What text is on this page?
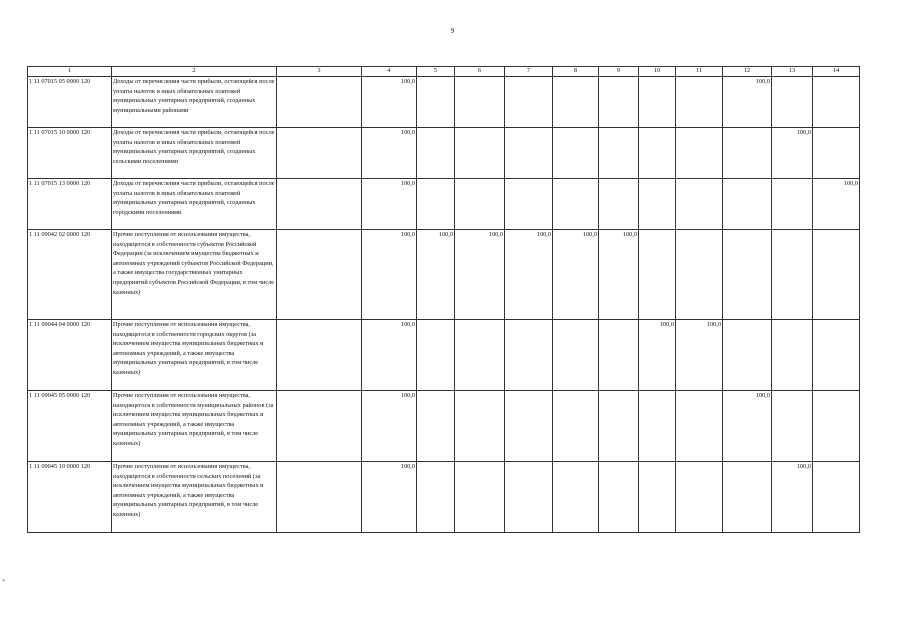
9
1	2	3	4	5	6	7	8	9	10	11	12	13	14
1 11 07015 05 0000 120	Доходы от перечисления части прибыли, остающейся после уплаты налогов и иных обязательных платежей муниципальных унитарных предприятий, созданных муниципальными районами		100,0								100,0		
1 11 07015 10 0000 120	Доходы от перечисления части прибыли, остающейся после уплаты налогов и иных обязательных платежей муниципальных унитарных предприятий, созданных сельскими поселениями		100,0									100,0	
1 11 07015 13 0000 120	Доходы от перечисления части прибыли, остающейся после уплаты налогов и иных обязательных платежей муниципальных унитарных предприятий, созданных городскими поселениями		100,0										100,0
1 11 09042 02 0000 120	Прочие поступления от использования имущества, находящегося в собственности субъектов Российской Федерации (за исключением имущества бюджетных и автономных учреждений субъектов Российской Федерации, а также имущества государственных унитарных предприятий субъектов Российской Федерации, в том числе казенных)		100,0	100,0	100,0	100,0	100,0	100,0					
1 11 09044 04 0000 120	Прочие поступления от использования имущества, находящегося в собственности городских округов (за исключением имущества муниципальных бюджетных и автономных учреждений, а также имущества муниципальных унитарных предприятий, в том числе казенных)		100,0						100,0	100,0			
1 11 09045 05 0000 120	Прочие поступления от использования имущества, находящегося в собственности муниципальных районов (за исключением имущества муниципальных бюджетных и автономных учреждений, а также имущества муниципальных унитарных предприятий, в том числе казенных)		100,0								100,0		
1 11 09045 10 0000 120	Прочие поступления от использования имущества, находящегося в собственности сельских поселений (за исключением имущества муниципальных бюджетных и автономных учреждений, а также имущества муниципальных унитарных предприятий, в том числе казенных)		100,0									100,0	
≡
